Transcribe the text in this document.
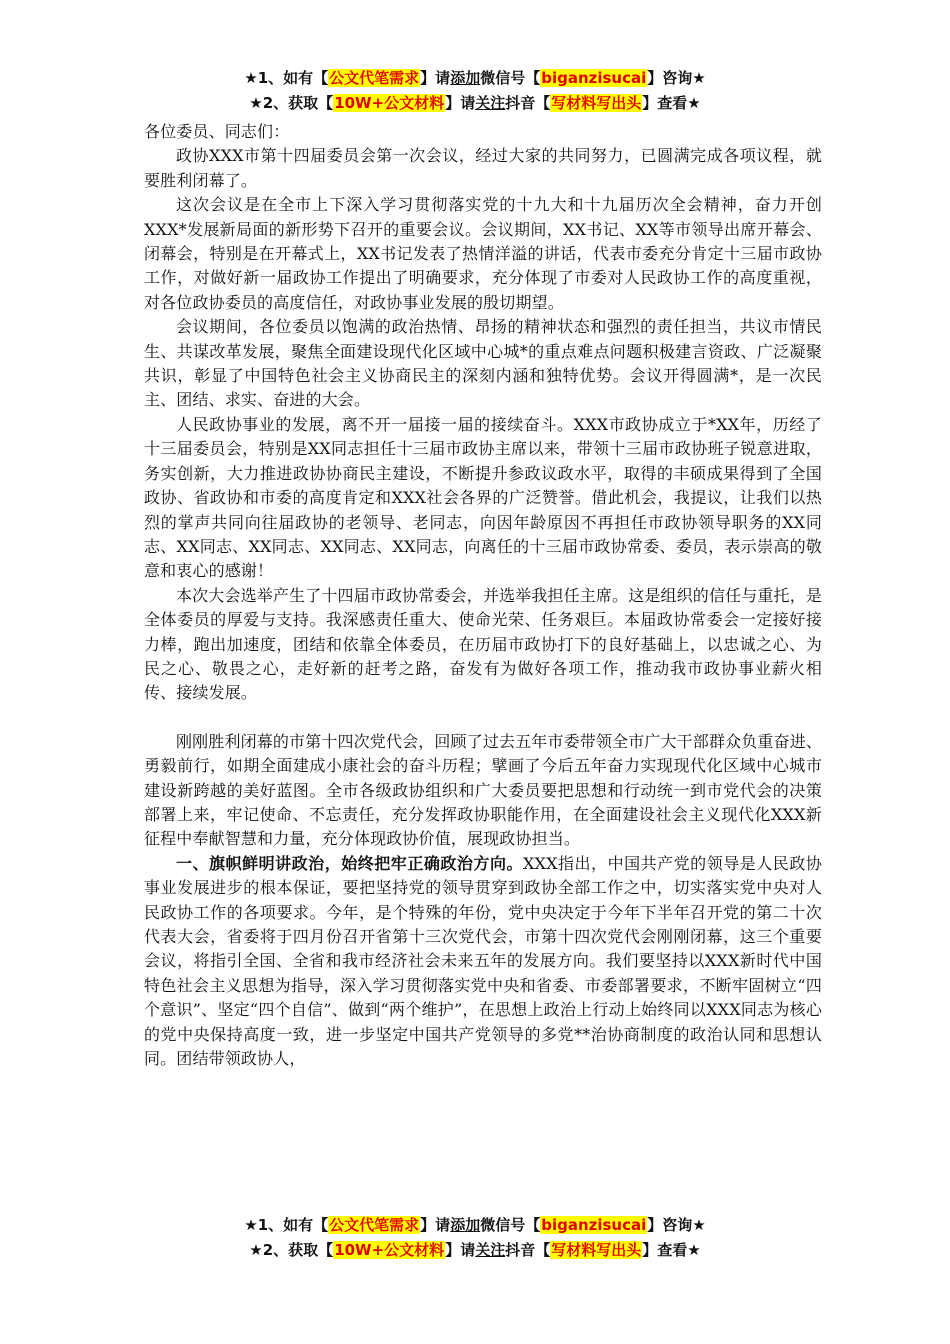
★1、如有【公文代笔需求】请添加微信号【biganzisucai】咨询★
★2、获取【10W+公文材料】请关注抖音【写材料写出头】查看★

各位委员、同志们：

政协XXX市第十四届委员会第一次会议，经过大家的共同努力，已圆满完成各项议程，就要胜利闭幕了。

这次会议是在全市上下深入学习贯彻落实党的十九大和十九届历次全会精神，奋力开创XXX*发展新局面的新形势下召开的重要会议。会议期间，XX书记、XX等市领导出席开幕会、闭幕会，特别是在开幕式上，XX书记发表了热情洋溢的讲话，代表市委充分肯定十三届市政协工作，对做好新一届政协工作提出了明确要求，充分体现了市委对人民政协工作的高度重视，对各位政协委员的高度信任，对政协事业发展的殷切期望。

会议期间，各位委员以饱满的政治热情、昂扬的精神状态和强烈的责任担当，共议市情民生、共谋改革发展，聚焦全面建设现代化区域中心城*的重点难点问题积极建言资政、广泛凝聚共识，彰显了中国特色社会主义协商民主的深刻内涵和独特优势。会议开得圆满*，是一次民主、团结、求实、奋进的大会。

人民政协事业的发展，离不开一届接一届的接续奋斗。XXX市政协成立于*XX年，历经了十三届委员会，特别是XX同志担任十三届市政协主席以来，带领十三届市政协班子锐意进取，务实创新，大力推进政协协商民主建设，不断提升参政议政水平，取得的丰硕成果得到了全国政协、省政协和市委的高度肯定和XXX社会各界的广泛赞誉。借此机会，我提议，让我们以热烈的掌声共同向往届政协的老领导、老同志，向因年龄原因不再担任市政协领导职务的XX同志、XX同志、XX同志、XX同志、XX同志，向离任的十三届市政协常委、委员，表示崇高的敬意和衷心的感谢！

本次大会选举产生了十四届市政协常委会，并选举我担任主席。这是组织的信任与重托，是全体委员的厚爱与支持。我深感责任重大、使命光荣、任务艰巨。本届政协常委会一定接好接力棒，跑出加速度，团结和依靠全体委员，在历届市政协打下的良好基础上，以忠诚之心、为民之心、敬畏之心，走好新的赶考之路，奋发有为做好各项工作，推动我市政协事业薪火相传、接续发展。

刚刚胜利闭幕的市第十四次党代会，回顾了过去五年市委带领全市广大干部群众负重奋进、勇毅前行，如期全面建成小康社会的奋斗历程；擘画了今后五年奋力实现现代化区域中心城市建设新跨越的美好蓝图。全市各级政协组织和广大委员要把思想和行动统一到市党代会的决策部署上来，牢记使命、不忘责任，充分发挥政协职能作用，在全面建设社会主义现代化XXX新征程中奉献智慧和力量，充分体现政协价值，展现政协担当。

一、旗帜鲜明讲政治，始终把牢正确政治方向。XXX指出，中国共产党的领导是人民政协事业发展进步的根本保证，要把坚持党的领导贯穿到政协全部工作之中，切实落实党中央对人民政协工作的各项要求。今年，是个特殊的年份，党中央决定于今年下半年召开党的第二十次代表大会，省委将于四月份召开省第十三次党代会，市第十四次党代会刚刚闭幕，这三个重要会议，将指引全国、全省和我市经济社会未来五年的发展方向。我们要坚持以XXX新时代中国特色社会主义思想为指导，深入学习贯彻落实党中央和省委、市委部署要求，不断牢固树立“四个意识”、坚定“四个自信”、做到“两个维护”，在思想上政治上行动上始终同以XXX同志为核心的党中央保持高度一致，进一步坚定中国共产党领导的多党**治协商制度的政治认同和思想认同。团结带领政协人，

★1、如有【公文代笔需求】请添加微信号【biganzisucai】咨询★
★2、获取【10W+公文材料】请关注抖音【写材料写出头】查看★
